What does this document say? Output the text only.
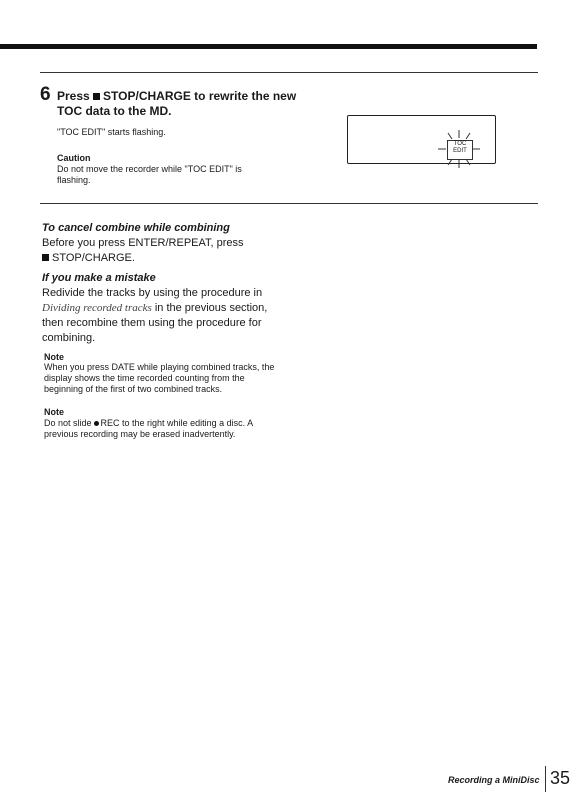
6 Press STOP/CHARGE to rewrite the new TOC data to the MD.
"TOC EDIT" starts flashing.
Caution
Do not move the recorder while "TOC EDIT" is flashing.
TOC
EDIT
To cancel combine while combining
Before you press ENTER/REPEAT, press
STOP/CHARGE.
If you make a mistake
Redivide the tracks by using the procedure in Dividing recorded tracks in the previous section, then recombine them using the procedure for combining.
Note
When you press DATE while playing combined tracks, the display shows the time recorded counting from the beginning of the first of two combined tracks.
Note
Do not slide REC to the right while editing a disc. A previous recording may be erased inadvertently.
Recording a MiniDisc 35
